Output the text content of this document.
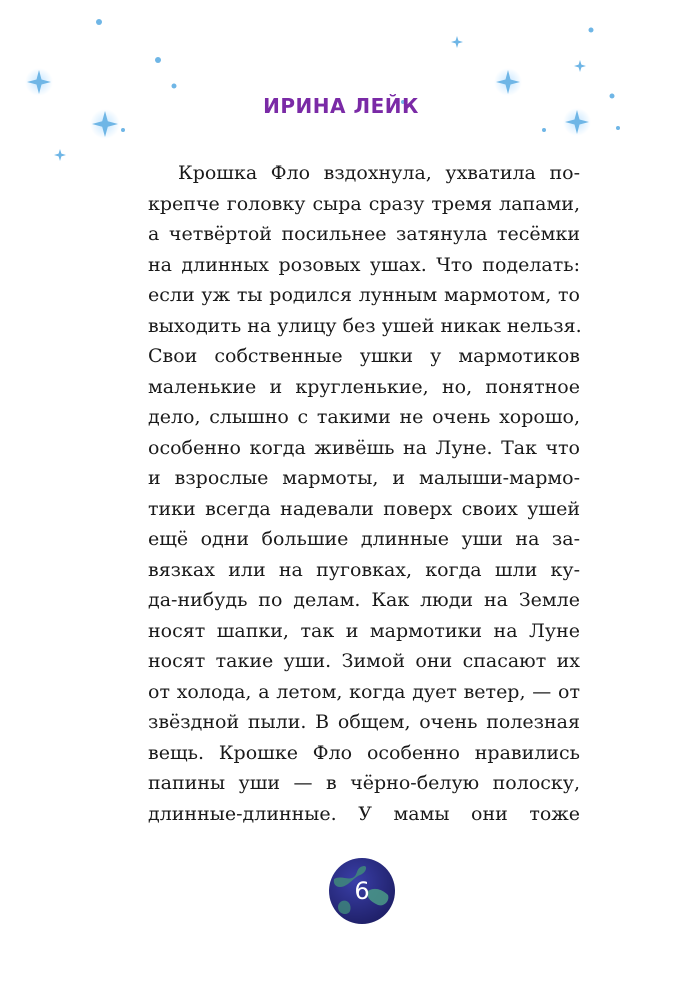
ИРИНА ЛЕЙК
Крошка Фло вздохнула, ухватила по-
крепче головку сыра сразу тремя лапами,
а четвёртой посильнее затянула тесёмки
на длинных розовых ушах. Что поделать:
если уж ты родился лунным мармотом, то
выходить на улицу без ушей никак нельзя.
Свои собственные ушки у мармотиков
маленькие и кругленькие, но, понятное
дело, слышно с такими не очень хорошо,
особенно когда живёшь на Луне. Так что
и взрослые мармоты, и малыши-мармо-
тики всегда надевали поверх своих ушей
ещё одни большие длинные уши на за-
вязках или на пуговках, когда шли ку-
да-нибудь по делам. Как люди на Земле
носят шапки, так и мармотики на Луне
носят такие уши. Зимой они спасают их
от холода, а летом, когда дует ветер, — от
звёздной пыли. В общем, очень полезная
вещь. Крошке Фло особенно нравились
папины уши — в чёрно-белую полоску,
длинные-длинные. У мамы они тоже
6
